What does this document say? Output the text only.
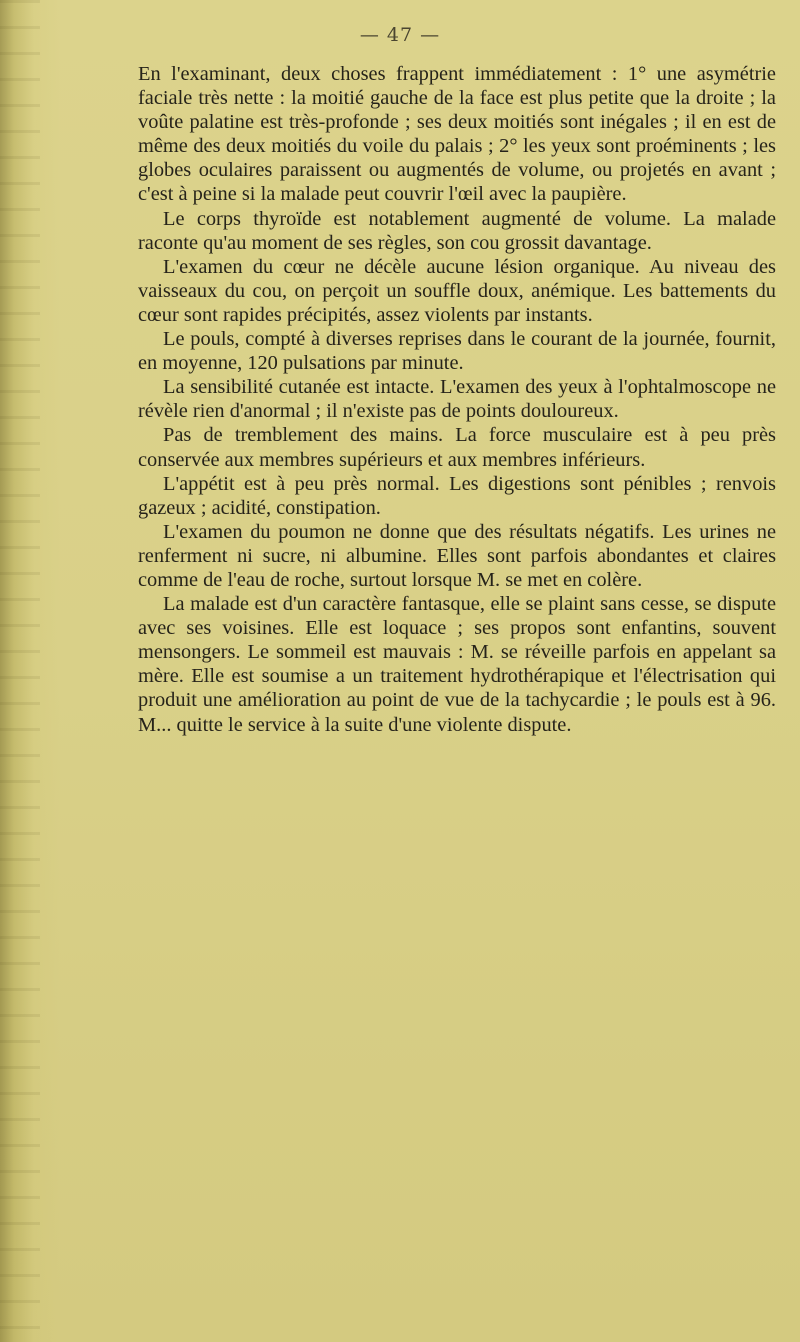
— 47 —

En l'examinant, deux choses frappent immédiatement : 1° une asymétrie faciale très nette : la moitié gauche de la face est plus petite que la droite ; la voûte palatine est très-profonde ; ses deux moitiés sont inégales ; il en est de même des deux moitiés du voile du palais ; 2° les yeux sont proéminents ; les globes oculaires paraissent ou augmentés de volume, ou projetés en avant ; c'est à peine si la malade peut couvrir l'œil avec la paupière.

Le corps thyroïde est notablement augmenté de volume. La malade raconte qu'au moment de ses règles, son cou grossit davantage.

L'examen du cœur ne décèle aucune lésion organique. Au niveau des vaisseaux du cou, on perçoit un souffle doux, anémique. Les battements du cœur sont rapides précipités, assez violents par instants.

Le pouls, compté à diverses reprises dans le courant de la journée, fournit, en moyenne, 120 pulsations par minute.

La sensibilité cutanée est intacte. L'examen des yeux à l'ophtalmoscope ne révèle rien d'anormal ; il n'existe pas de points douloureux.

Pas de tremblement des mains. La force musculaire est à peu près conservée aux membres supérieurs et aux membres inférieurs.

L'appétit est à peu près normal. Les digestions sont pénibles ; renvois gazeux ; acidité, constipation.

L'examen du poumon ne donne que des résultats négatifs. Les urines ne renferment ni sucre, ni albumine. Elles sont parfois abondantes et claires comme de l'eau de roche, surtout lorsque M. se met en colère.

La malade est d'un caractère fantasque, elle se plaint sans cesse, se dispute avec ses voisines. Elle est loquace ; ses propos sont enfantins, souvent mensongers. Le sommeil est mauvais : M. se réveille parfois en appelant sa mère. Elle est soumise a un traitement hydrothérapique et l'électrisation qui produit une amélioration au point de vue de la tachycardie ; le pouls est à 96. M... quitte le service à la suite d'une violente dispute.
